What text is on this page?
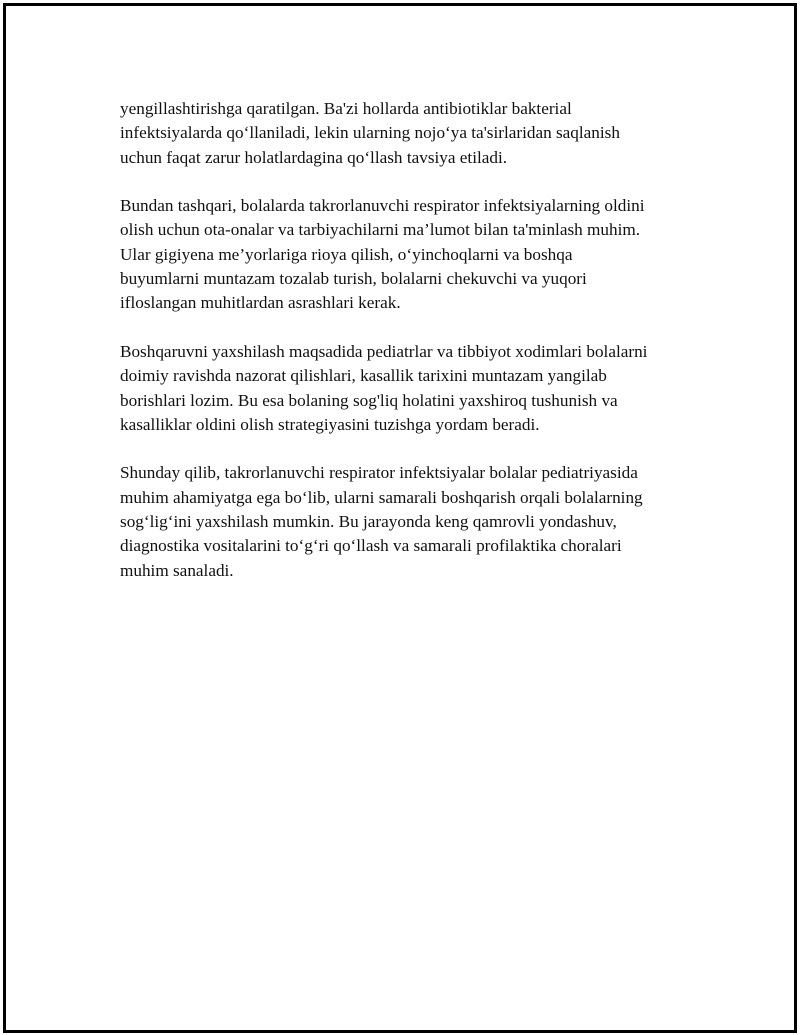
yengillashtirishga qaratilgan. Ba'zi hollarda antibiotiklar bakterial
infektsiyalarda qo‘llaniladi, lekin ularning nojo‘ya ta'sirlaridan saqlanish
uchun faqat zarur holatlardagina qo‘llash tavsiya etiladi.

Bundan tashqari, bolalarda takrorlanuvchi respirator infektsiyalarning oldini
olish uchun ota-onalar va tarbiyachilarni ma’lumot bilan ta'minlash muhim.
Ular gigiyena me’yorlariga rioya qilish, o‘yinchoqlarni va boshqa
buyumlarni muntazam tozalab turish, bolalarni chekuvchi va yuqori
ifloslangan muhitlardan asrashlari kerak.

Boshqaruvni yaxshilash maqsadida pediatrlar va tibbiyot xodimlari bolalarni
doimiy ravishda nazorat qilishlari, kasallik tarixini muntazam yangilab
borishlari lozim. Bu esa bolaning sog'liq holatini yaxshiroq tushunish va
kasalliklar oldini olish strategiyasini tuzishga yordam beradi.

Shunday qilib, takrorlanuvchi respirator infektsiyalar bolalar pediatriyasida
muhim ahamiyatga ega bo‘lib, ularni samarali boshqarish orqali bolalarning
sog‘lig‘ini yaxshilash mumkin. Bu jarayonda keng qamrovli yondashuv,
diagnostika vositalarini to‘g‘ri qo‘llash va samarali profilaktika choralari
muhim sanaladi.
